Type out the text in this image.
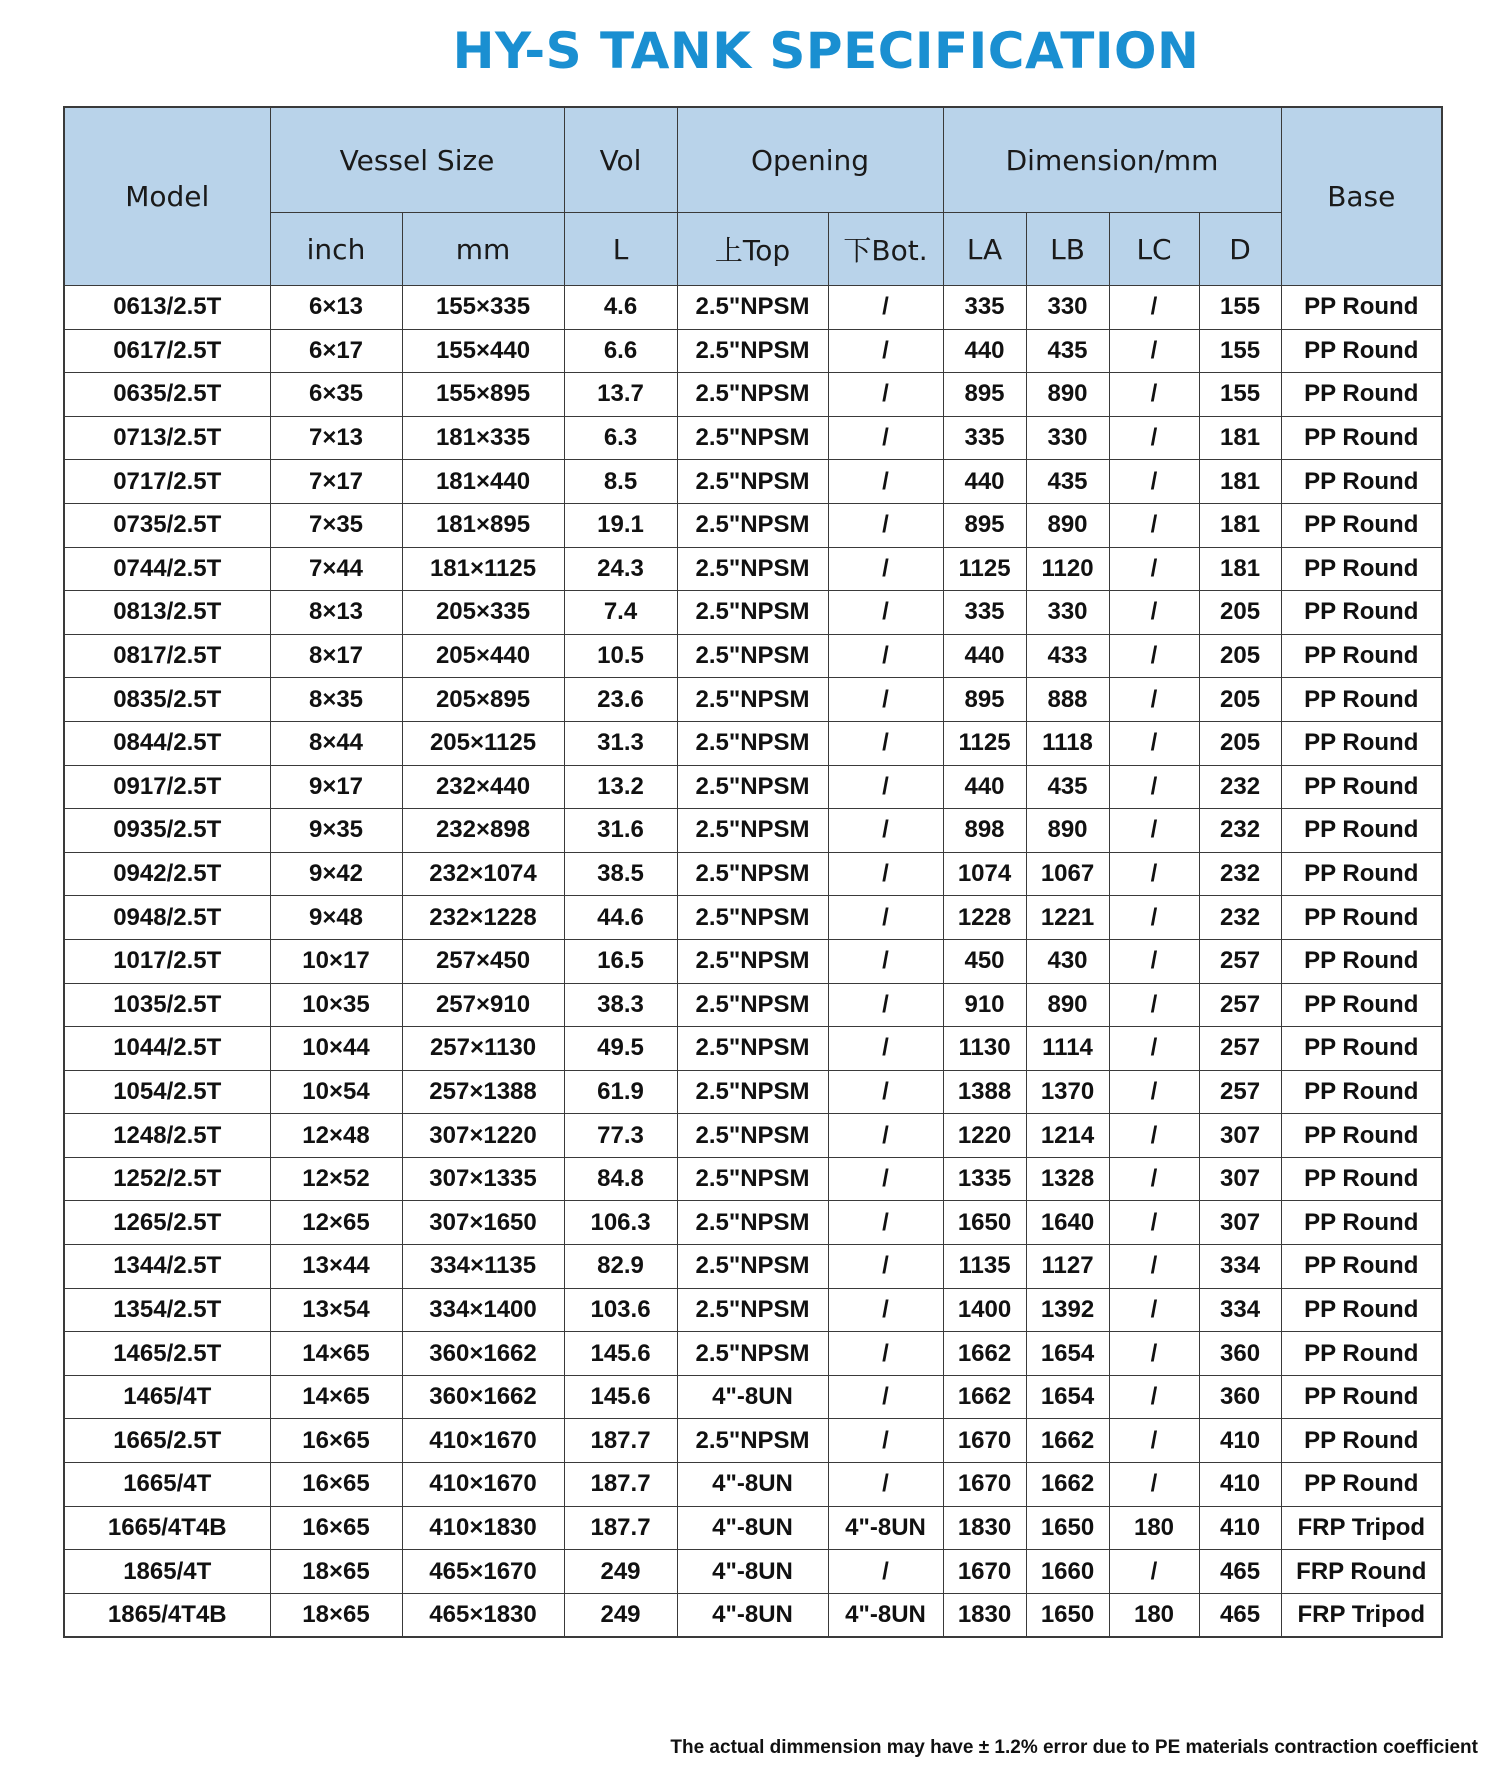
HY-S TANK SPECIFICATION
Model	Vessel Size		Vol	Opening		Dimension/mm				Base
	inch	mm	L	上Top	下Bot.	LA	LB	LC	D	
0613/2.5T	6×13	155×335	4.6	2.5"NPSM	/	335	330	/	155	PP Round
0617/2.5T	6×17	155×440	6.6	2.5"NPSM	/	440	435	/	155	PP Round
0635/2.5T	6×35	155×895	13.7	2.5"NPSM	/	895	890	/	155	PP Round
0713/2.5T	7×13	181×335	6.3	2.5"NPSM	/	335	330	/	181	PP Round
0717/2.5T	7×17	181×440	8.5	2.5"NPSM	/	440	435	/	181	PP Round
0735/2.5T	7×35	181×895	19.1	2.5"NPSM	/	895	890	/	181	PP Round
0744/2.5T	7×44	181×1125	24.3	2.5"NPSM	/	1125	1120	/	181	PP Round
0813/2.5T	8×13	205×335	7.4	2.5"NPSM	/	335	330	/	205	PP Round
0817/2.5T	8×17	205×440	10.5	2.5"NPSM	/	440	433	/	205	PP Round
0835/2.5T	8×35	205×895	23.6	2.5"NPSM	/	895	888	/	205	PP Round
0844/2.5T	8×44	205×1125	31.3	2.5"NPSM	/	1125	1118	/	205	PP Round
0917/2.5T	9×17	232×440	13.2	2.5"NPSM	/	440	435	/	232	PP Round
0935/2.5T	9×35	232×898	31.6	2.5"NPSM	/	898	890	/	232	PP Round
0942/2.5T	9×42	232×1074	38.5	2.5"NPSM	/	1074	1067	/	232	PP Round
0948/2.5T	9×48	232×1228	44.6	2.5"NPSM	/	1228	1221	/	232	PP Round
1017/2.5T	10×17	257×450	16.5	2.5"NPSM	/	450	430	/	257	PP Round
1035/2.5T	10×35	257×910	38.3	2.5"NPSM	/	910	890	/	257	PP Round
1044/2.5T	10×44	257×1130	49.5	2.5"NPSM	/	1130	1114	/	257	PP Round
1054/2.5T	10×54	257×1388	61.9	2.5"NPSM	/	1388	1370	/	257	PP Round
1248/2.5T	12×48	307×1220	77.3	2.5"NPSM	/	1220	1214	/	307	PP Round
1252/2.5T	12×52	307×1335	84.8	2.5"NPSM	/	1335	1328	/	307	PP Round
1265/2.5T	12×65	307×1650	106.3	2.5"NPSM	/	1650	1640	/	307	PP Round
1344/2.5T	13×44	334×1135	82.9	2.5"NPSM	/	1135	1127	/	334	PP Round
1354/2.5T	13×54	334×1400	103.6	2.5"NPSM	/	1400	1392	/	334	PP Round
1465/2.5T	14×65	360×1662	145.6	2.5"NPSM	/	1662	1654	/	360	PP Round
1465/4T	14×65	360×1662	145.6	4"-8UN	/	1662	1654	/	360	PP Round
1665/2.5T	16×65	410×1670	187.7	2.5"NPSM	/	1670	1662	/	410	PP Round
1665/4T	16×65	410×1670	187.7	4"-8UN	/	1670	1662	/	410	PP Round
1665/4T4B	16×65	410×1830	187.7	4"-8UN	4"-8UN	1830	1650	180	410	FRP Tripod
1865/4T	18×65	465×1670	249	4"-8UN	/	1670	1660	/	465	FRP Round
1865/4T4B	18×65	465×1830	249	4"-8UN	4"-8UN	1830	1650	180	465	FRP Tripod
The actual dimmension may have ± 1.2% error due to PE materials contraction coefficient
